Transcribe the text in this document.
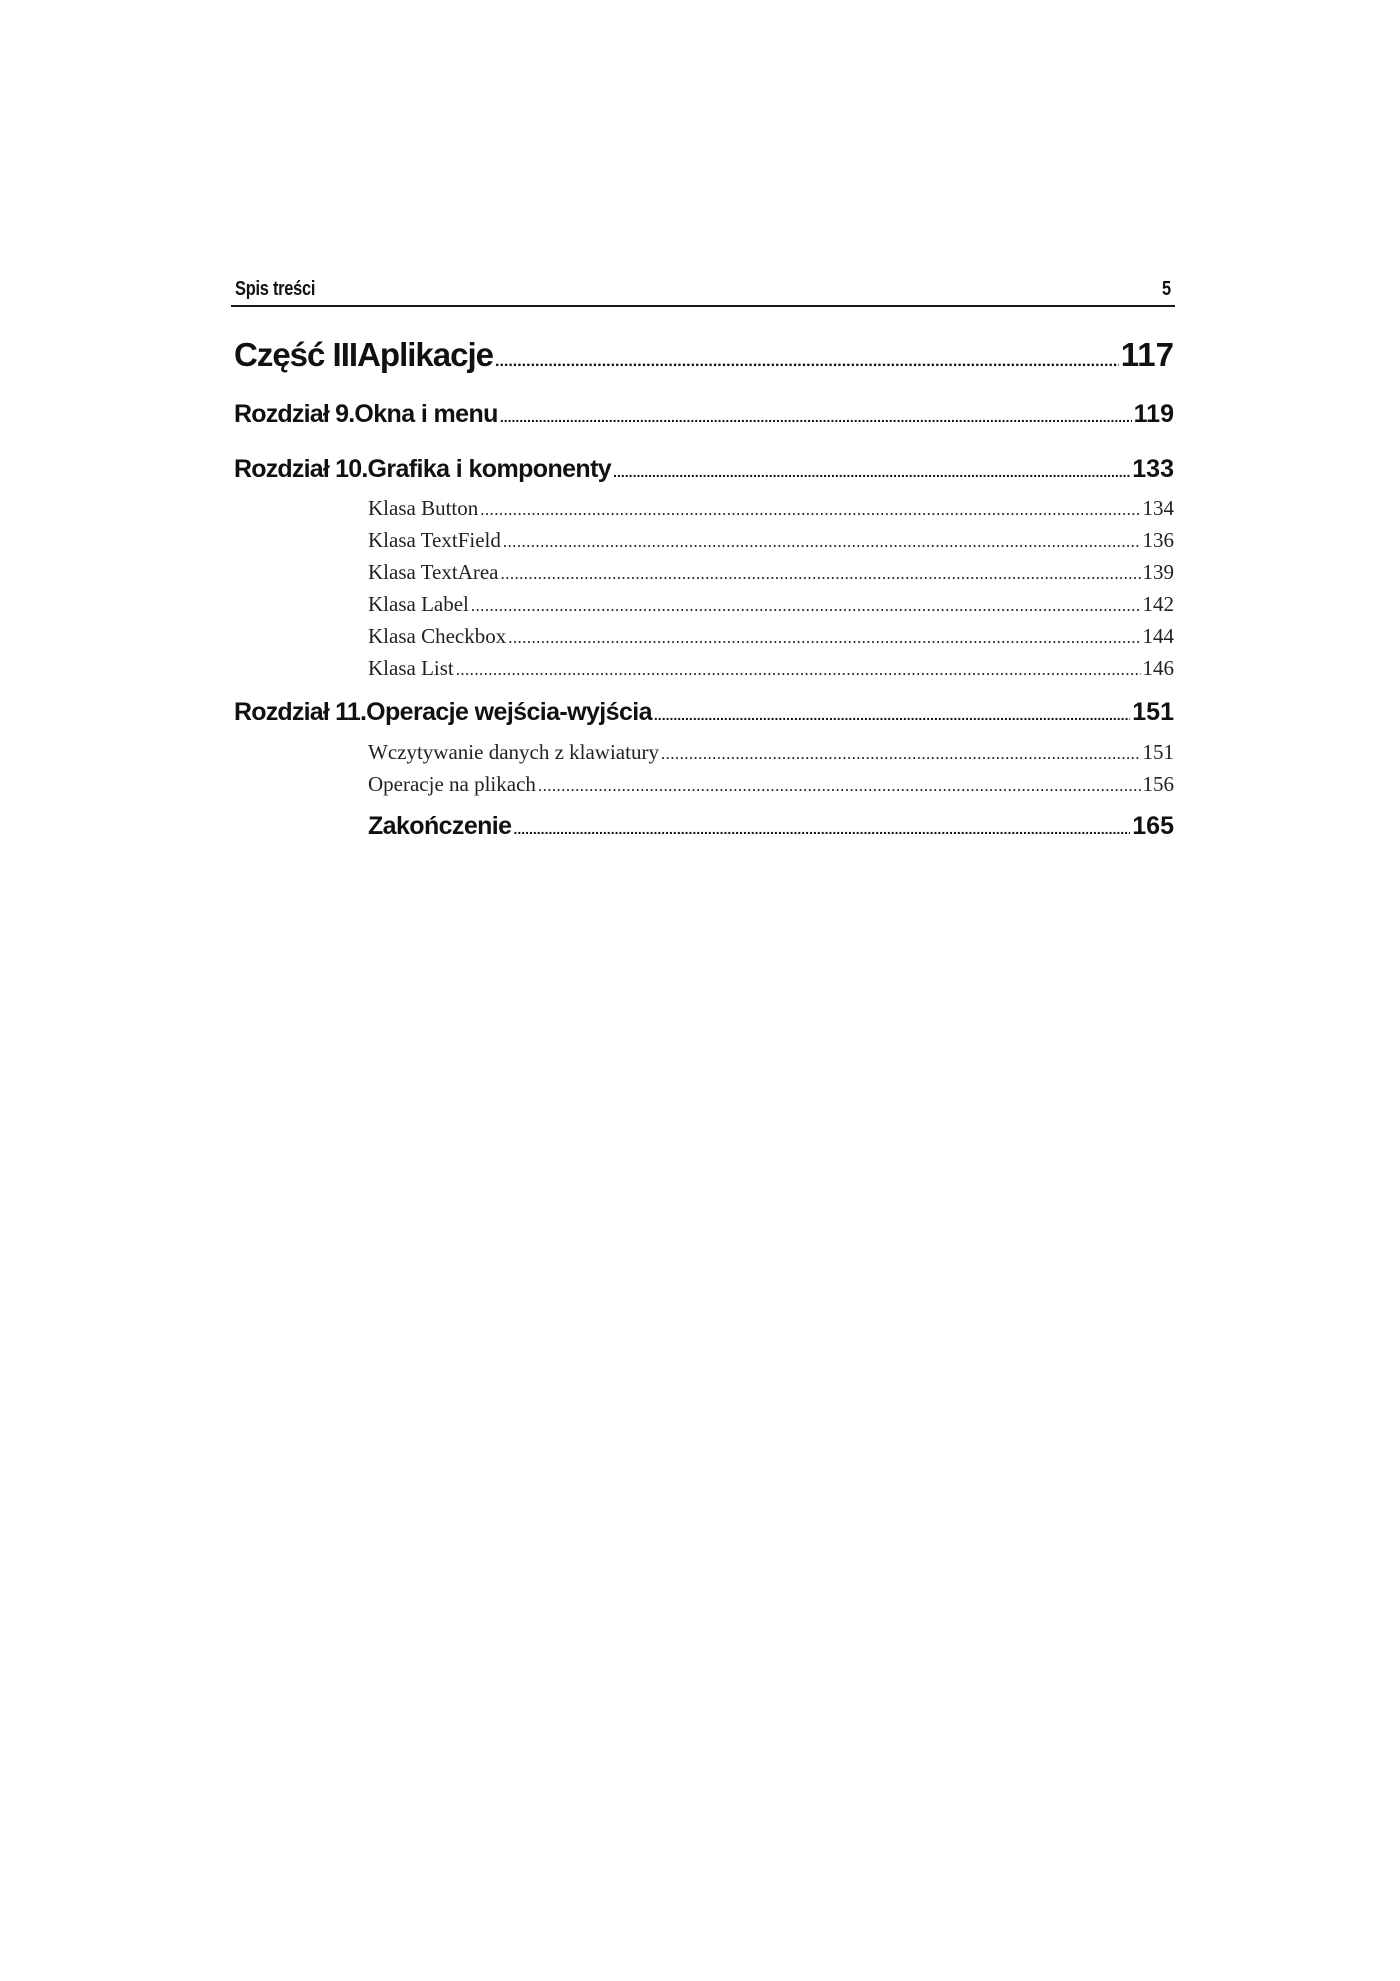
Spis treści	5
Część III Aplikacje .....	117
Rozdział 9. Okna i menu .....	119
Rozdział 10. Grafika i komponenty .....	133
Klasa Button .....	134
Klasa TextField .....	136
Klasa TextArea .....	139
Klasa Label .....	142
Klasa Checkbox .....	144
Klasa List .....	146
Rozdział 11. Operacje wejścia-wyjścia .....	151
Wczytywanie danych z klawiatury .....	151
Operacje na plikach .....	156
Zakończenie .....	165
